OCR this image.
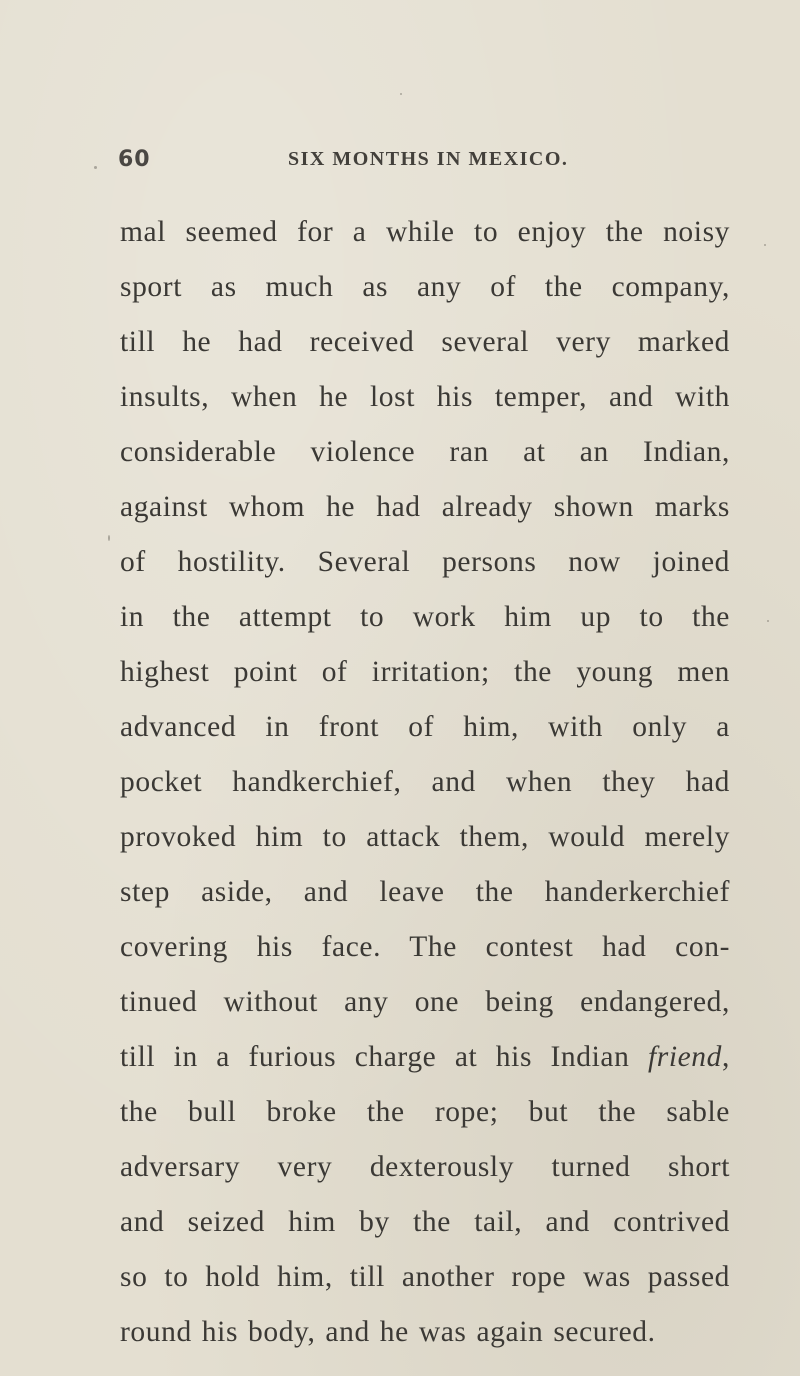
60	SIX MONTHS IN MEXICO.
mal seemed for a while to enjoy the noisy
sport as much as any of the company,
till he had received several very marked
insults, when he lost his temper, and with
considerable violence ran at an Indian,
against whom he had already shown marks
of hostility. Several persons now joined
in the attempt to work him up to the
highest point of irritation; the young men
advanced in front of him, with only a
pocket handkerchief, and when they had
provoked him to attack them, would merely
step aside, and leave the handerkerchief
covering his face. The contest had con-
tinued without any one being endangered,
till in a furious charge at his Indian friend,
the bull broke the rope; but the sable
adversary very dexterously turned short
and seized him by the tail, and contrived
so to hold him, till another rope was passed
round his body, and he was again secured.
